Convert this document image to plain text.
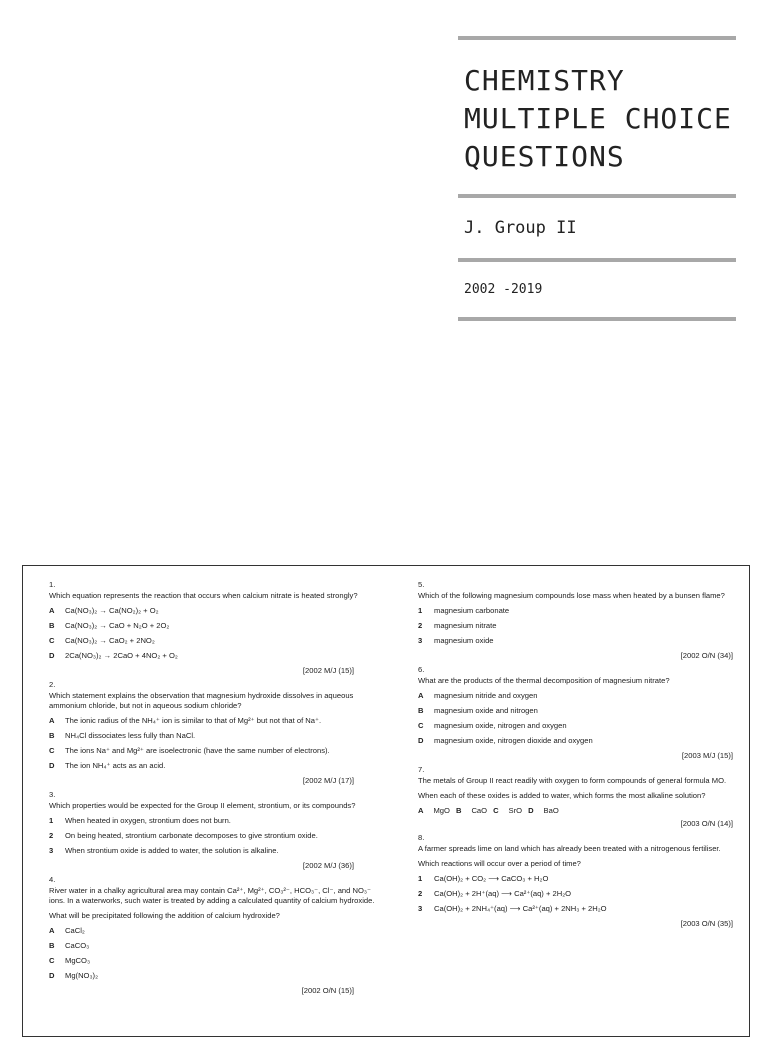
CHEMISTRY
MULTIPLE CHOICE
QUESTIONS
J. Group II
2002 -2019
1.
Which equation represents the reaction that occurs when calcium nitrate is heated strongly?
A	Ca(NO₃)₂ → Ca(NO₂)₂ + O₂
B	Ca(NO₃)₂ → CaO + N₂O + 2O₂
C	Ca(NO₃)₂ → CaO₂ + 2NO₂
D	2Ca(NO₃)₂ → 2CaO + 4NO₂ + O₂
[2002 M/J (15)]
2.
Which statement explains the observation that magnesium hydroxide dissolves in aqueous ammonium chloride, but not in aqueous sodium chloride?
A	The ionic radius of the NH₄⁺ ion is similar to that of Mg²⁺ but not that of Na⁺.
B	NH₄Cl dissociates less fully than NaCl.
C	The ions Na⁺ and Mg²⁺ are isoelectronic (have the same number of electrons).
D	The ion NH₄⁺ acts as an acid.
[2002 M/J (17)]
3.
Which properties would be expected for the Group II element, strontium, or its compounds?
1	When heated in oxygen, strontium does not burn.
2	On being heated, strontium carbonate decomposes to give strontium oxide.
3	When strontium oxide is added to water, the solution is alkaline.
[2002 M/J (36)]
4.
River water in a chalky agricultural area may contain Ca²⁺, Mg²⁺, CO₃²⁻, HCO₃⁻, Cl⁻, and NO₃⁻ ions. In a waterworks, such water is treated by adding a calculated quantity of calcium hydroxide.
What will be precipitated following the addition of calcium hydroxide?
A	CaCl₂
B	CaCO₃
C	MgCO₃
D	Mg(NO₃)₂
[2002 O/N (15)]
5.
Which of the following magnesium compounds lose mass when heated by a bunsen flame?
1	magnesium carbonate
2	magnesium nitrate
3	magnesium oxide
[2002 O/N (34)]
6.
What are the products of the thermal decomposition of magnesium nitrate?
A	magnesium nitride and oxygen
B	magnesium oxide and nitrogen
C	magnesium oxide, nitrogen and oxygen
D	magnesium oxide, nitrogen dioxide and oxygen
[2003 M/J (15)]
7.
The metals of Group II react readily with oxygen to form compounds of general formula MO.
When each of these oxides is added to water, which forms the most alkaline solution?
A MgO B CaO C SrO D BaO
[2003 O/N (14)]
8.
A farmer spreads lime on land which has already been treated with a nitrogenous fertiliser.
Which reactions will occur over a period of time?
1	Ca(OH)₂ + CO₂ ⟶ CaCO₃ + H₂O
2	Ca(OH)₂ + 2H⁺(aq) ⟶ Ca²⁺(aq) + 2H₂O
3	Ca(OH)₂ + 2NH₄⁺(aq) ⟶ Ca²⁺(aq) + 2NH₃ + 2H₂O
[2003 O/N (35)]
